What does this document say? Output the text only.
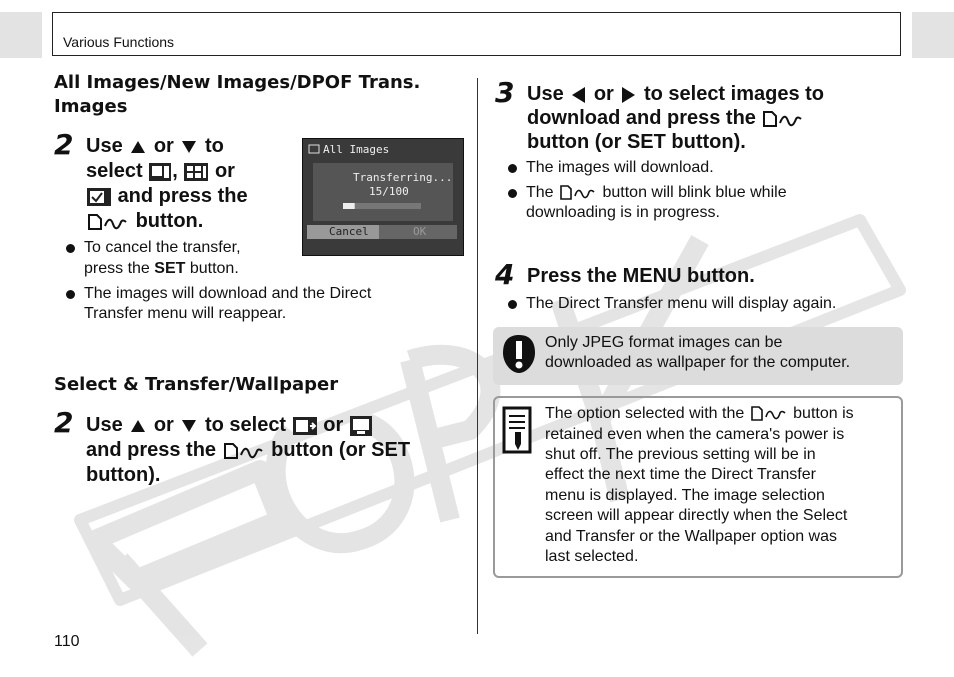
Various Functions
All Images/New Images/DPOF Trans.
Images
2 Use or to
select , or
and press the
button.
All Images
Transferring...
15/100
Cancel	OK
To cancel the transfer,
press the SET button.
The images will download and the Direct
Transfer menu will reappear.
Select & Transfer/Wallpaper
2 Use or to select or
and press the	button (or SET
button).
3 Use or to select images to
download and press the
button (or SET button).
The images will download.
The	button will blink blue while
downloading is in progress.
4 Press the MENU button.
The Direct Transfer menu will display again.
Only JPEG format images can be
downloaded as wallpaper for the computer.
The option selected with the	button is
retained even when the camera's power is
shut off. The previous setting will be in
effect the next time the Direct Transfer
menu is displayed. The image selection
screen will appear directly when the Select
and Transfer or the Wallpaper option was
last selected.
110
